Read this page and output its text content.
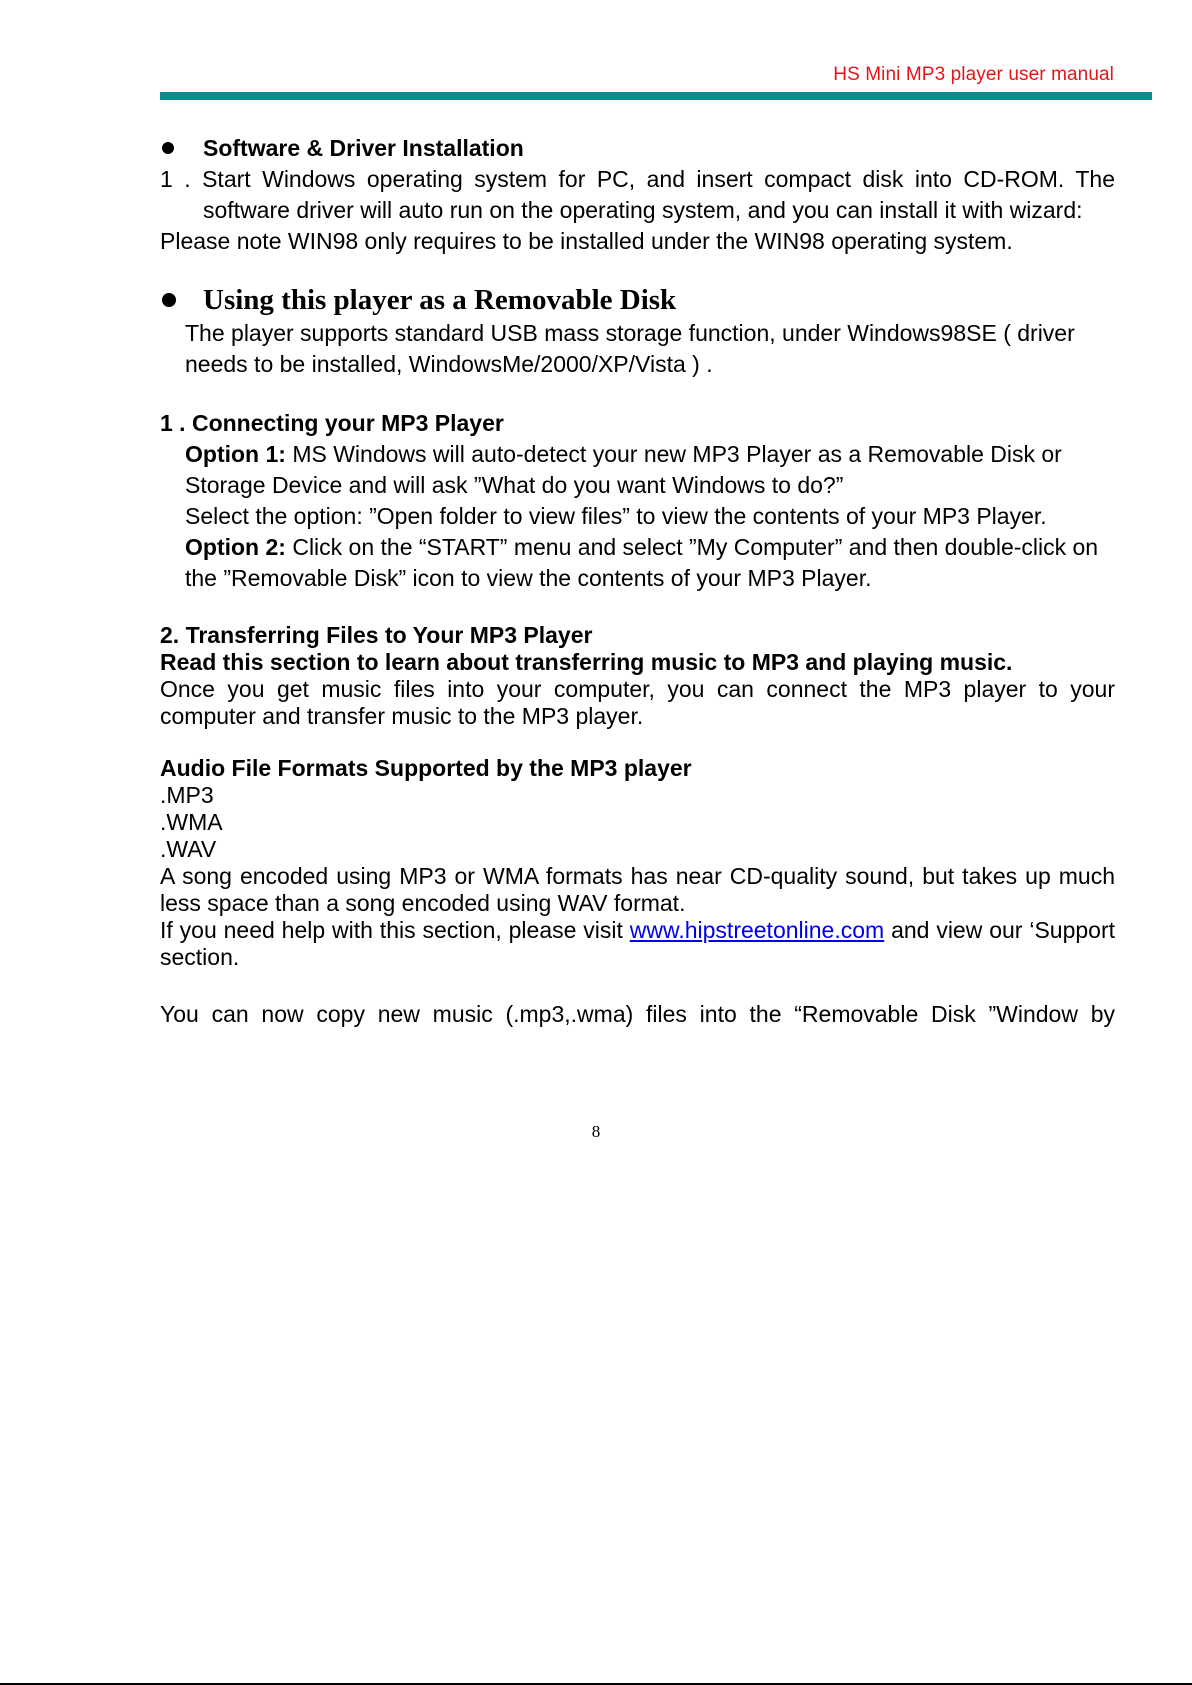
HS Mini MP3 player user manual
Software & Driver Installation
1 . Start Windows operating system for PC, and insert compact disk into CD-ROM. The
software driver will auto run on the operating system, and you can install it with wizard:
Please note WIN98 only requires to be installed under the WIN98 operating system.
Using this player as a Removable Disk
The player supports standard USB mass storage function, under Windows98SE ( driver
needs to be installed, WindowsMe/2000/XP/Vista ) .
1 . Connecting your MP3 Player
Option 1: MS Windows will auto-detect your new MP3 Player as a Removable Disk or Storage Device and will ask ”What do you want Windows to do?”
Select the option: ”Open folder to view files” to view the contents of your MP3 Player.
Option 2: Click on the “START” menu and select ”My Computer” and then double-click on the ”Removable Disk” icon to view the contents of your MP3 Player.
2. Transferring Files to Your MP3 Player
Read this section to learn about transferring music to MP3 and playing music.
Once you get music files into your computer, you can connect the MP3 player to your computer and transfer music to the MP3 player.
Audio File Formats Supported by the MP3 player
.MP3
.WMA
.WAV
A song encoded using MP3 or WMA formats has near CD-quality sound, but takes up much less space than a song encoded using WAV format.
If you need help with this section, please visit www.hipstreetonline.com and view our ‘Support section.
You can now copy new music (.mp3,.wma) files into the “Removable Disk ”Window by
8
